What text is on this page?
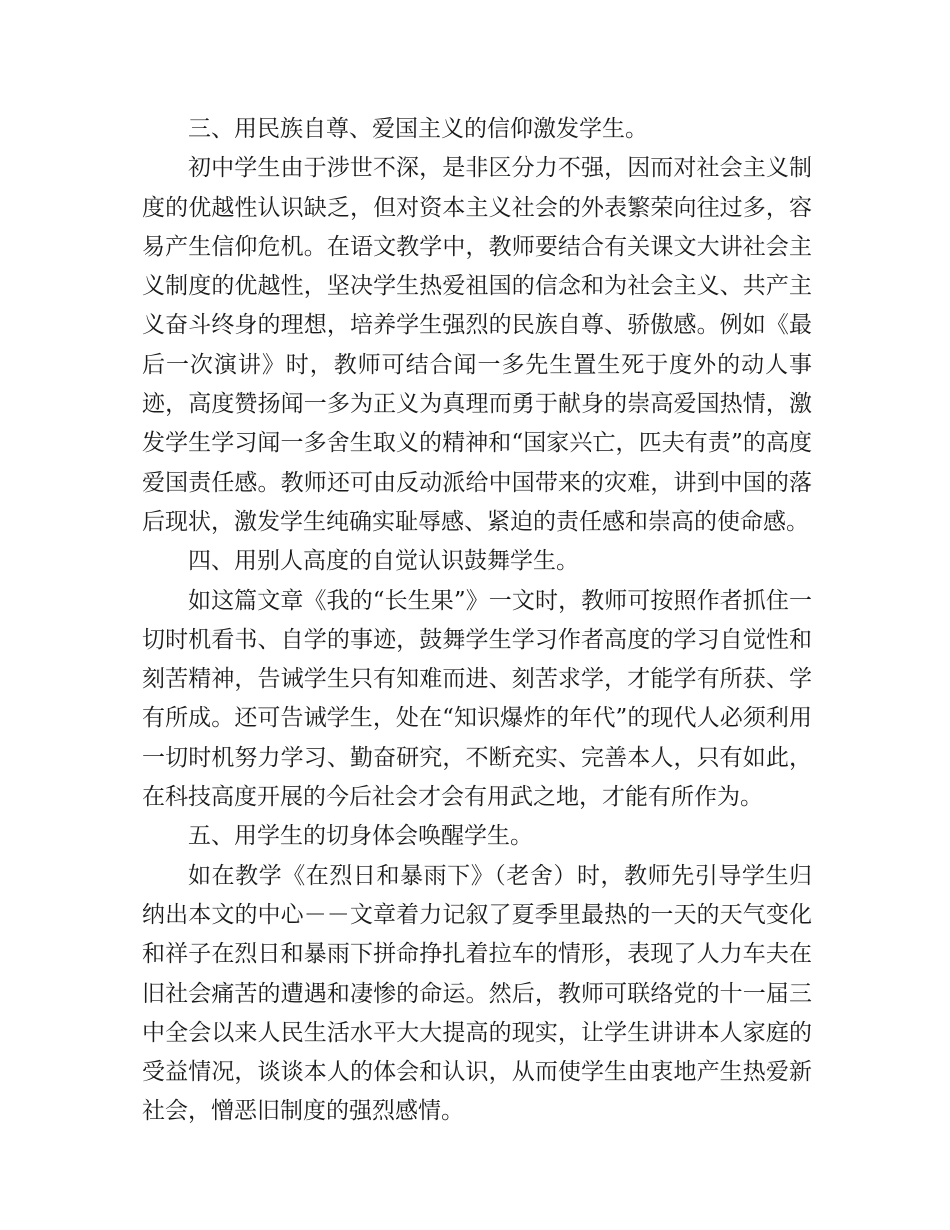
三、用民族自尊、爱国主义的信仰激发学生。

初中学生由于涉世不深，是非区分力不强，因而对社会主义制度的优越性认识缺乏，但对资本主义社会的外表繁荣向往过多，容易产生信仰危机。在语文教学中，教师要结合有关课文大讲社会主义制度的优越性，坚决学生热爱祖国的信念和为社会主义、共产主义奋斗终身的理想，培养学生强烈的民族自尊、骄傲感。例如《最后一次演讲》时，教师可结合闻一多先生置生死于度外的动人事迹，高度赞扬闻一多为正义为真理而勇于献身的崇高爱国热情，激发学生学习闻一多舍生取义的精神和“国家兴亡，匹夫有责”的高度爱国责任感。教师还可由反动派给中国带来的灾难，讲到中国的落后现状，激发学生纯确实耻辱感、紧迫的责任感和崇高的使命感。

四、用别人高度的自觉认识鼓舞学生。

如这篇文章《我的“长生果”》一文时，教师可按照作者抓住一切时机看书、自学的事迹，鼓舞学生学习作者高度的学习自觉性和刻苦精神，告诫学生只有知难而进、刻苦求学，才能学有所获、学有所成。还可告诫学生，处在“知识爆炸的年代”的现代人必须利用一切时机努力学习、勤奋研究，不断充实、完善本人，只有如此，在科技高度开展的今后社会才会有用武之地，才能有所作为。

五、用学生的切身体会唤醒学生。

如在教学《在烈日和暴雨下》（老舍）时，教师先引导学生归纳出本文的中心－－文章着力记叙了夏季里最热的一天的天气变化和祥子在烈日和暴雨下拼命挣扎着拉车的情形，表现了人力车夫在旧社会痛苦的遭遇和凄惨的命运。然后，教师可联络党的十一届三中全会以来人民生活水平大大提高的现实，让学生讲讲本人家庭的受益情况，谈谈本人的体会和认识，从而使学生由衷地产生热爱新社会，憎恶旧制度的强烈感情。
